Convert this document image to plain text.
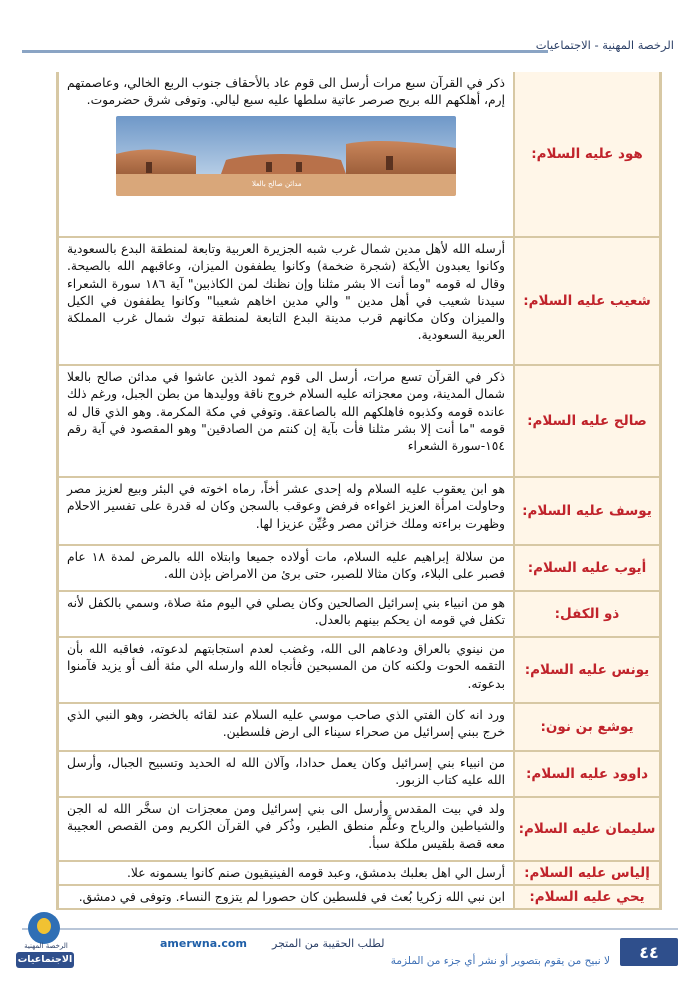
الرخصة المهنية - الاجتماعيات
هود عليه السلام:
ذكر في القرآن سبع مرات أرسل الى قوم عاد بالأحقاف جنوب الربع الخالي، وعاصمتهم إرم، أهلكهم الله بريح صرصر عاتية سلطها عليه سبع ليالي. وتوفى شرق حضرموت.
مدائن صالح بالعلا
شعيب عليه السلام:
أرسله الله لأهل مدين شمال غرب شبه الجزيرة العربية وتابعة لمنطقة البدع بالسعودية وكانوا يعبدون الأيكة (شجرة ضخمة) وكانوا يطففون الميزان، وعاقبهم الله بالصيحة. وقال له قومه "وما أنت الا بشر مثلنا وإن نظنك لمن الكاذبين" آية ١٨٦ سورة الشعراء سيدنا شعيب في أهل مدين " والي مدين اخاهم شعيبا" وكانوا يطففون في الكيل والميزان وكان مكانهم قرب مدينة البدع التابعة لمنطقة تبوك شمال غرب المملكة العربية السعودية.
صالح عليه السلام:
ذكر في القرآن تسع مرات، أرسل الى قوم ثمود الذين عاشوا في مدائن صالح بالعلا شمال المدينة، ومن معجزاته عليه السلام خروج ناقة ووليدها من بطن الجبل، ورغم ذلك عانده قومه وكذبوه فاهلكهم الله بالصاعقة. وتوفي في مكة المكرمة. وهو الذي قال له قومه "ما أنت إلا بشر مثلنا فأت بآية إن كنتم من الصادقين" وهو المقصود في آية رقم ١٥٤-سورة الشعراء
يوسف عليه السلام:
هو ابن يعقوب عليه السلام وله إحدى عشر أخاً، رماه اخوته في البئر وبيع لعزيز مصر وحاولت امرأة العزيز اغواءه فرفض وعوقب بالسجن وكان له قدرة على تفسير الاحلام وظهرت براءته وملك خزائن مصر وعُيِّن عزيزا لها.
أيوب عليه السلام:
من سلالة إبراهيم عليه السلام، مات أولاده جميعا وابتلاه الله بالمرض لمدة ١٨ عام فصبر على البلاء، وكان مثالا للصبر، حتى برئ من الامراض بإذن الله.
ذو الكفل:
هو من انبياء بني إسرائيل الصالحين وكان يصلي في اليوم مئة صلاة، وسمي بالكفل لأنه تكفل في قومه ان يحكم بينهم بالعدل.
يونس عليه السلام:
من نينوي بالعراق ودعاهم الى الله، وغضب لعدم استجابتهم لدعوته، فعاقبه الله بأن التقمه الحوت ولكنه كان من المسبحين فأنجاه الله وارسله الي مئة ألف أو يزيد فآمنوا بدعوته.
يوشع بن نون:
ورد انه كان الفتي الذي صاحب موسي عليه السلام عند لقائه بالخضر، وهو النبي الذي خرج ببني إسرائيل من صحراء سيناء الى ارض فلسطين.
داوود عليه السلام:
من انبياء بني إسرائيل وكان يعمل حدادا، وآلان الله له الحديد وتسبيح الجبال، وأرسل الله عليه كتاب الزبور.
سليمان عليه السلام:
ولد في بيت المقدس وأرسل الى بني إسرائيل ومن معجزات ان سخَّر الله له الجن والشياطين والرياح وعلَّم منطق الطير، وذُكر في القرآن الكريم ومن القصص العجيبة معه قصة بلقيس ملكة سبأ.
إلياس عليه السلام:
أرسل الي اهل بعلبك بدمشق، وعبد قومه الفينيقيون صنم كانوا يسمونه علا.
يحي عليه السلام:
ابن نبي الله زكريا بُعث في فلسطين كان حصورا لم يتزوج النساء. وتوفى في دمشق.
٤٤
amerwna.com لطلب الحقيبة من المتجر
لا نبيح من يقوم بتصوير أو نشر أي جزء من الملزمة
الرخصة المهنية
الاجتماعيات
